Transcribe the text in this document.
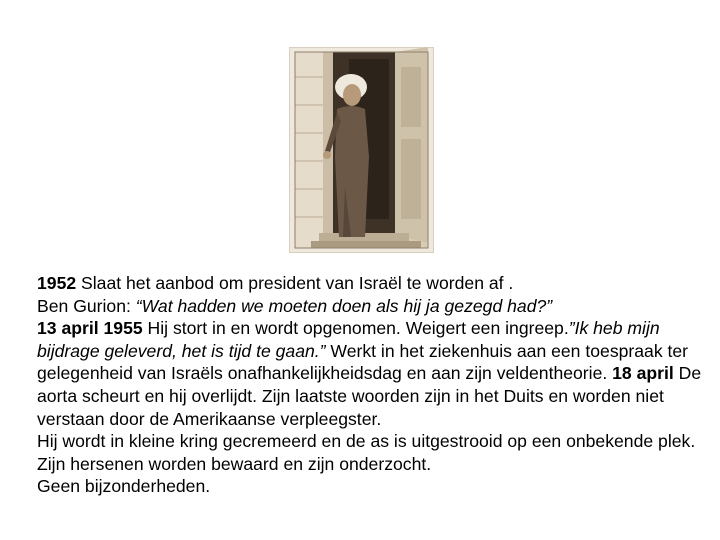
1952 Slaat het aanbod om president van Israël te worden af .

Ben Gurion: “Wat hadden we moeten doen als hij ja gezegd had?”

13 april 1955 Hij stort in en wordt opgenomen. Weigert een ingreep.”Ik heb mijn bijdrage geleverd, het is tijd te gaan.” Werkt in het ziekenhuis aan een toespraak ter gelegenheid van Israëls onafhankelijkheidsdag en aan zijn veldentheorie. 18 april De aorta scheurt en hij overlijdt. Zijn laatste woorden zijn in het Duits en worden niet verstaan door de Amerikaanse verpleegster.

Hij wordt in kleine kring gecremeerd en de as is uitgestrooid op een onbekende plek. Zijn hersenen worden bewaard en zijn onderzocht.

Geen bijzonderheden.
